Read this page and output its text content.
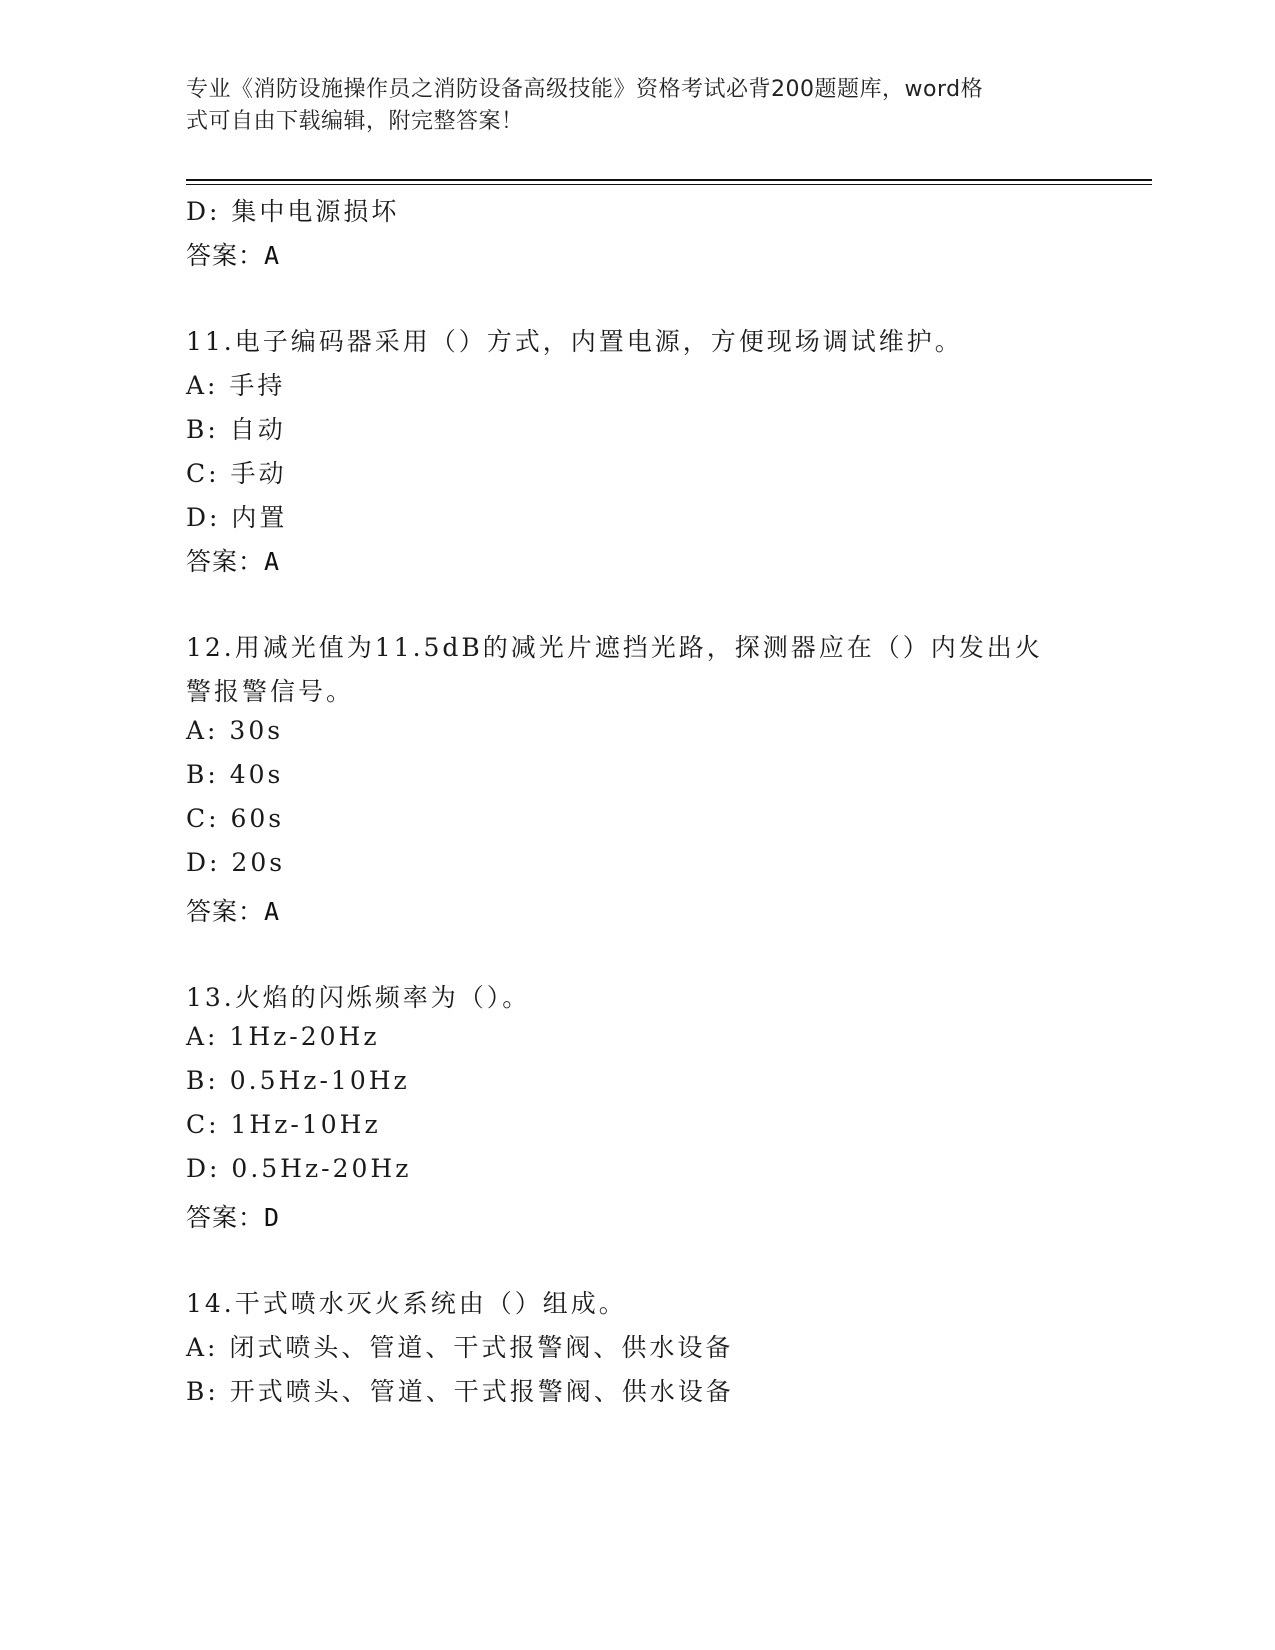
专业《消防设施操作员之消防设备高级技能》资格考试必背200题题库，word格
式可自由下载编辑，附完整答案！
D: 集中电源损坏
答案：A
11.电子编码器采用（）方式，内置电源，方便现场调试维护。
A: 手持
B: 自动
C: 手动
D: 内置
答案：A
12.用减光值为11.5dB的减光片遮挡光路，探测器应在（）内发出火
警报警信号。
A: 30s
B: 40s
C: 60s
D: 20s
答案：A
13.火焰的闪烁频率为（）。
A: 1Hz-20Hz
B: 0.5Hz-10Hz
C: 1Hz-10Hz
D: 0.5Hz-20Hz
答案：D
14.干式喷水灭火系统由（）组成。
A: 闭式喷头、管道、干式报警阀、供水设备
B: 开式喷头、管道、干式报警阀、供水设备
